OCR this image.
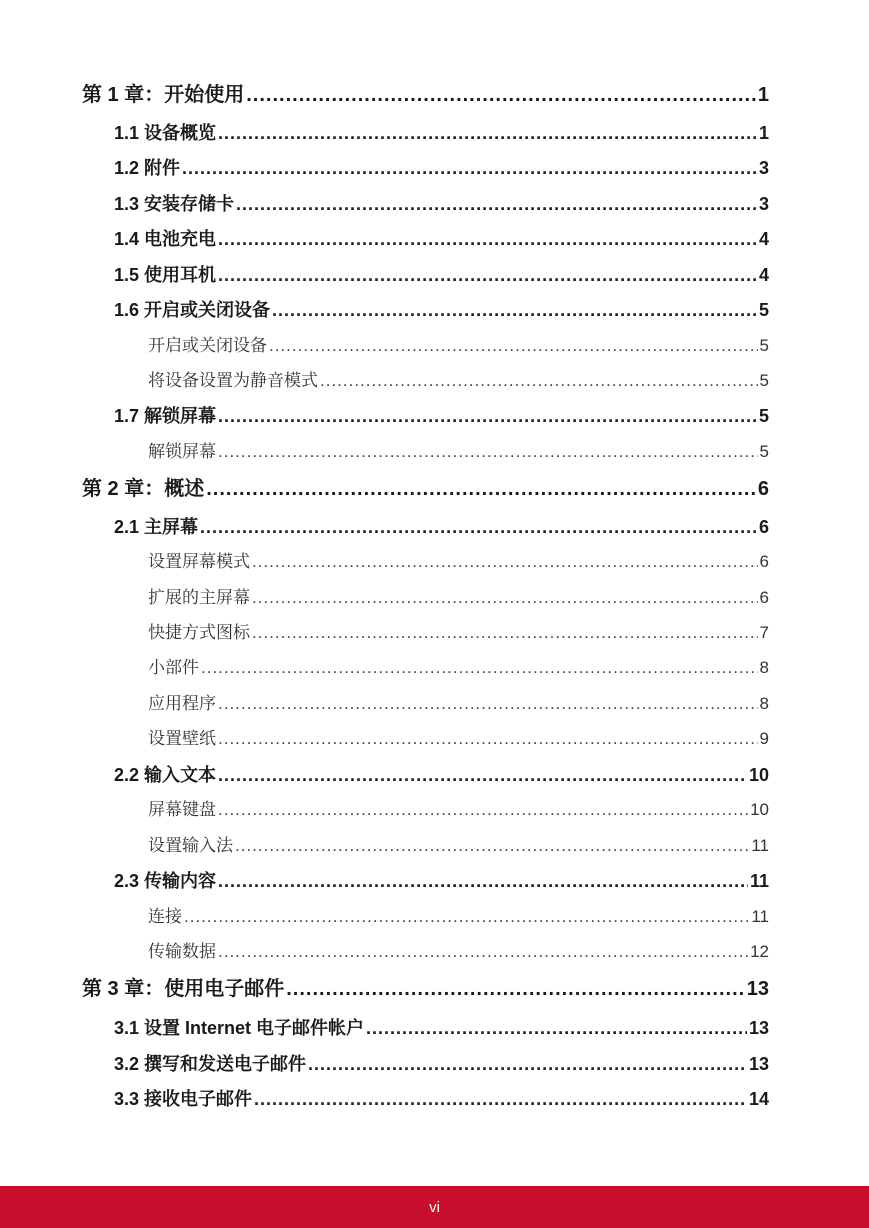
第 1 章：开始使用 .....	1
1.1 设备概览 .....	1
1.2 附件 .....	3
1.3 安装存储卡 .....	3
1.4 电池充电 .....	4
1.5 使用耳机 .....	4
1.6 开启或关闭设备 .....	5
开启或关闭设备 .....	5
将设备设置为静音模式 .....	5
1.7 解锁屏幕 .....	5
解锁屏幕 .....	5
第 2 章：概述 .....	6
2.1 主屏幕 .....	6
设置屏幕模式 .....	6
扩展的主屏幕 .....	6
快捷方式图标 .....	7
小部件 .....	8
应用程序 .....	8
设置壁纸 .....	9
2.2 输入文本 .....	10
屏幕键盘 .....	10
设置输入法 .....	11
2.3 传输内容 .....	11
连接 .....	11
传输数据 .....	12
第 3 章：使用电子邮件 .....	13
3.1 设置 Internet 电子邮件帐户 .....	13
3.2 撰写和发送电子邮件 .....	13
3.3 接收电子邮件 .....	14
vi
